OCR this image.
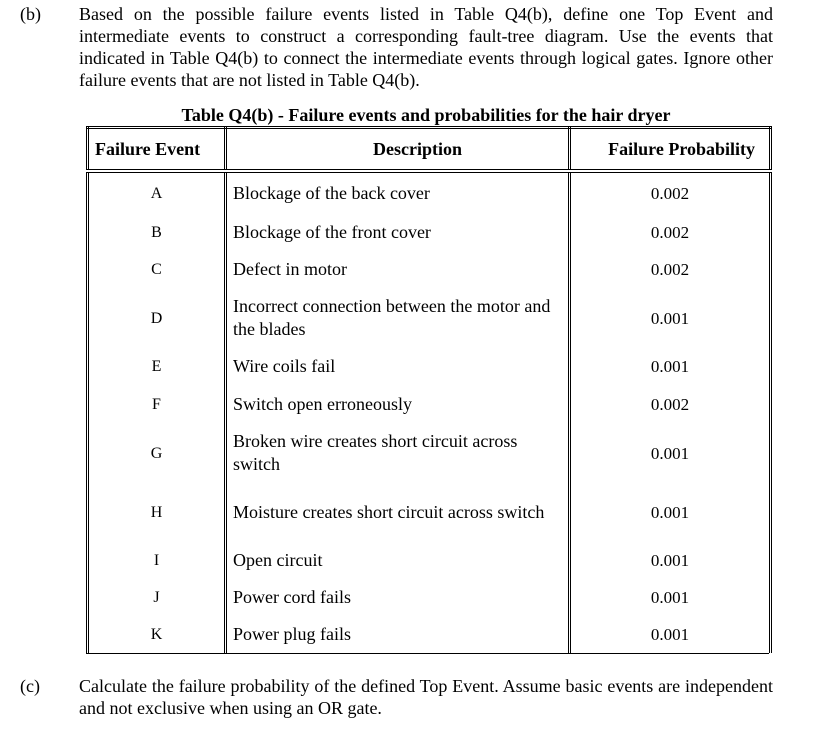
(b) Based on the possible failure events listed in Table Q4(b), define one Top Event and intermediate events to construct a corresponding fault-tree diagram. Use the events that indicated in Table Q4(b) to connect the intermediate events through logical gates. Ignore other failure events that are not listed in Table Q4(b).
Table Q4(b) - Failure events and probabilities for the hair dryer
Failure Event	Description	Failure Probability
A	Blockage of the back cover	0.002
B	Blockage of the front cover	0.002
C	Defect in motor	0.002
D	Incorrect connection between the motor and the blades	0.001
E	Wire coils fail	0.001
F	Switch open erroneously	0.002
G	Broken wire creates short circuit across switch	0.001
H	Moisture creates short circuit across switch	0.001
I	Open circuit	0.001
J	Power cord fails	0.001
K	Power plug fails	0.001
(c) Calculate the failure probability of the defined Top Event. Assume basic events are independent and not exclusive when using an OR gate.
